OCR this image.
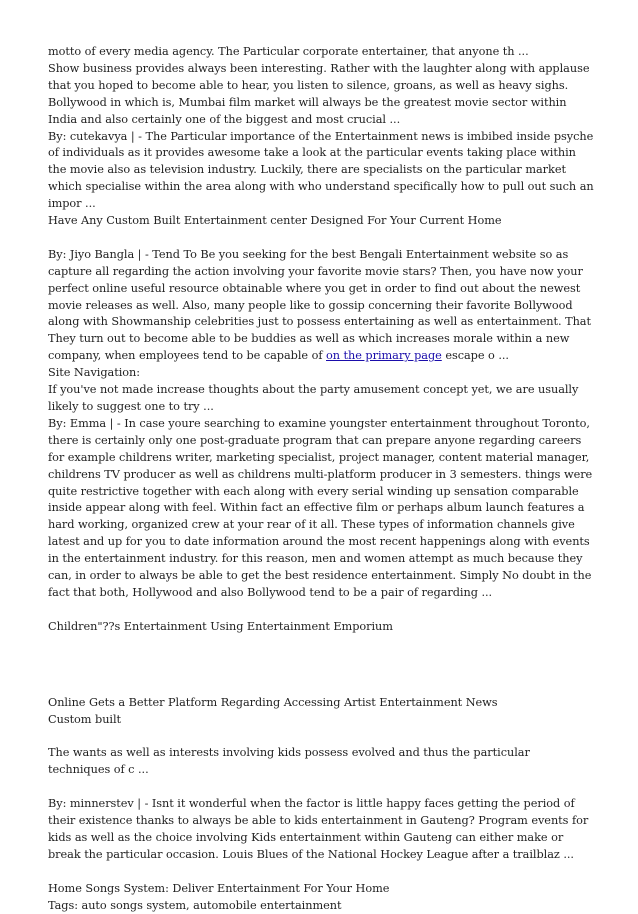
motto of every media agency. The Particular corporate entertainer, that anyone th ...

Show business provides always been interesting. Rather with the laughter along with applause that you hoped to become able to hear, you listen to silence, groans, as well as heavy sighs. Bollywood in which is, Mumbai film market will always be the greatest movie sector within India and also certainly one of the biggest and most crucial ...

By: cutekavya | - The Particular importance of the Entertainment news is imbibed inside psyche of individuals as it provides awesome take a look at the particular events taking place within the movie also as television industry. Luckily, there are specialists on the particular market which specialise within the area along with who understand specifically how to pull out such an impor ...

Have Any Custom Built Entertainment center Designed For Your Current Home

By: Jiyo Bangla | - Tend To Be you seeking for the best Bengali Entertainment website so as capture all regarding the action involving your favorite movie stars? Then, you have now your perfect online useful resource obtainable where you get in order to find out about the newest movie releases as well. Also, many people like to gossip concerning their favorite Bollywood along with Showmanship celebrities just to possess entertaining as well as entertainment. That They turn out to become able to be buddies as well as which increases morale within a new company, when employees tend to be capable of on the primary page escape o ...

Site Navigation:

If you've not made increase thoughts about the party amusement concept yet, we are usually likely to suggest one to try ...

By: Emma | - In case youre searching to examine youngster entertainment throughout Toronto, there is certainly only one post-graduate program that can prepare anyone regarding careers for example childrens writer, marketing specialist, project manager, content material manager, childrens TV producer as well as childrens multi-platform producer in 3 semesters. things were quite restrictive together with each along with every serial winding up sensation comparable inside appear along with feel. Within fact an effective film or perhaps album launch features a hard working, organized crew at your rear of it all. These types of information channels give latest and up for you to date information around the most recent happenings along with events in the entertainment industry. for this reason, men and women attempt as much because they can, in order to always be able to get the best residence entertainment. Simply No doubt in the fact that both, Hollywood and also Bollywood tend to be a pair of regarding ...

Children"??s Entertainment Using Entertainment Emporium

Online Gets a Better Platform Regarding Accessing Artist Entertainment News

Custom built

The wants as well as interests involving kids possess evolved and thus the particular techniques of c ...

By: minnerstev | - Isnt it wonderful when the factor is little happy faces getting the period of their existence thanks to always be able to kids entertainment in Gauteng? Program events for kids as well as the choice involving Kids entertainment within Gauteng can either make or break the particular occasion. Louis Blues of the National Hockey League after a trailblaz ...

Home Songs System: Deliver Entertainment For Your Home

Tags: auto songs system, automobile entertainment
